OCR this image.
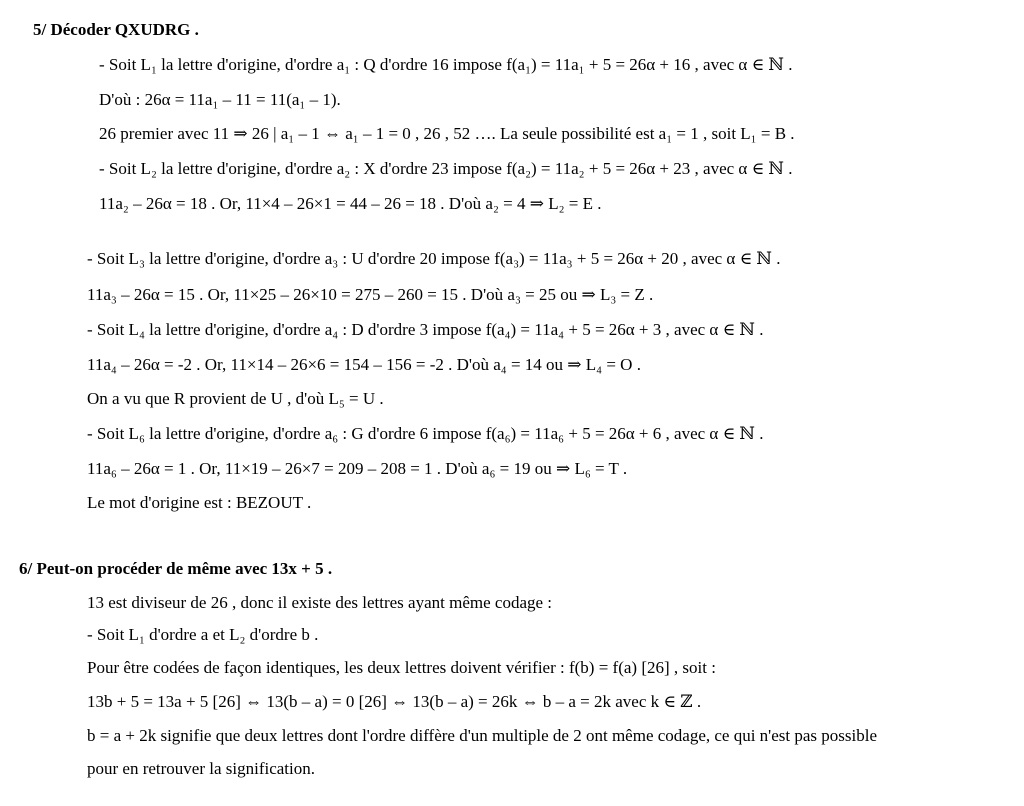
5/ Décoder QXUDRG .
- Soit L₁ la lettre d'origine, d'ordre a₁ : Q d'ordre 16 impose f(a₁) = 11a₁ + 5 = 26α + 16 , avec α ∈ ℕ .
D'où : 26α = 11a₁ – 11 = 11(a₁ – 1).
26 premier avec 11 ⇒ 26 | a₁ – 1 ⇔ a₁ – 1 = 0 , 26 , 52 …. La seule possibilité est a₁ = 1 , soit L₁ = B .
- Soit L₂ la lettre d'origine, d'ordre a₂ : X d'ordre 23 impose f(a₂) = 11a₂ + 5 = 26α + 23 , avec α ∈ ℕ .
11a₂ – 26α = 18 . Or, 11×4 – 26×1 = 44 – 26 = 18 . D'où a₂ = 4 ⇒ L₂ = E .
- Soit L₃ la lettre d'origine, d'ordre a₃ : U d'ordre 20 impose f(a₃) = 11a₃ + 5 = 26α + 20 , avec α ∈ ℕ .
11a₃ – 26α = 15 . Or, 11×25 – 26×10 = 275 – 260 = 15 . D'où a₃ = 25 ou ⇒ L₃ = Z .
- Soit L₄ la lettre d'origine, d'ordre a₄ : D d'ordre 3 impose f(a₄) = 11a₄ + 5 = 26α + 3 , avec α ∈ ℕ .
11a₄ – 26α = -2 . Or, 11×14 – 26×6 = 154 – 156 = -2 . D'où a₄ = 14 ou ⇒ L₄ = O .
On a vu que R provient de U , d'où L₅ = U .
- Soit L₆ la lettre d'origine, d'ordre a₆ : G d'ordre 6 impose f(a₆) = 11a₆ + 5 = 26α + 6 , avec α ∈ ℕ .
11a₆ – 26α = 1 . Or, 11×19 – 26×7 = 209 – 208 = 1 . D'où a₆ = 19 ou ⇒ L₆ = T .
Le mot d'origine est : BEZOUT .
6/ Peut-on procéder de même avec 13x + 5 .
13 est diviseur de 26 , donc il existe des lettres ayant même codage :
- Soit L₁ d'ordre a et L₂ d'ordre b .
Pour être codées de façon identiques, les deux lettres doivent vérifier : f(b) = f(a) [26] , soit :
13b + 5 = 13a + 5 [26] ⇔ 13(b – a) = 0 [26] ⇔ 13(b – a) = 26k ⇔ b – a = 2k avec k ∈ ℤ .
b = a + 2k signifie que deux lettres dont l'ordre diffère d'un multiple de 2 ont même codage, ce qui n'est pas possible
pour en retrouver la signification.
